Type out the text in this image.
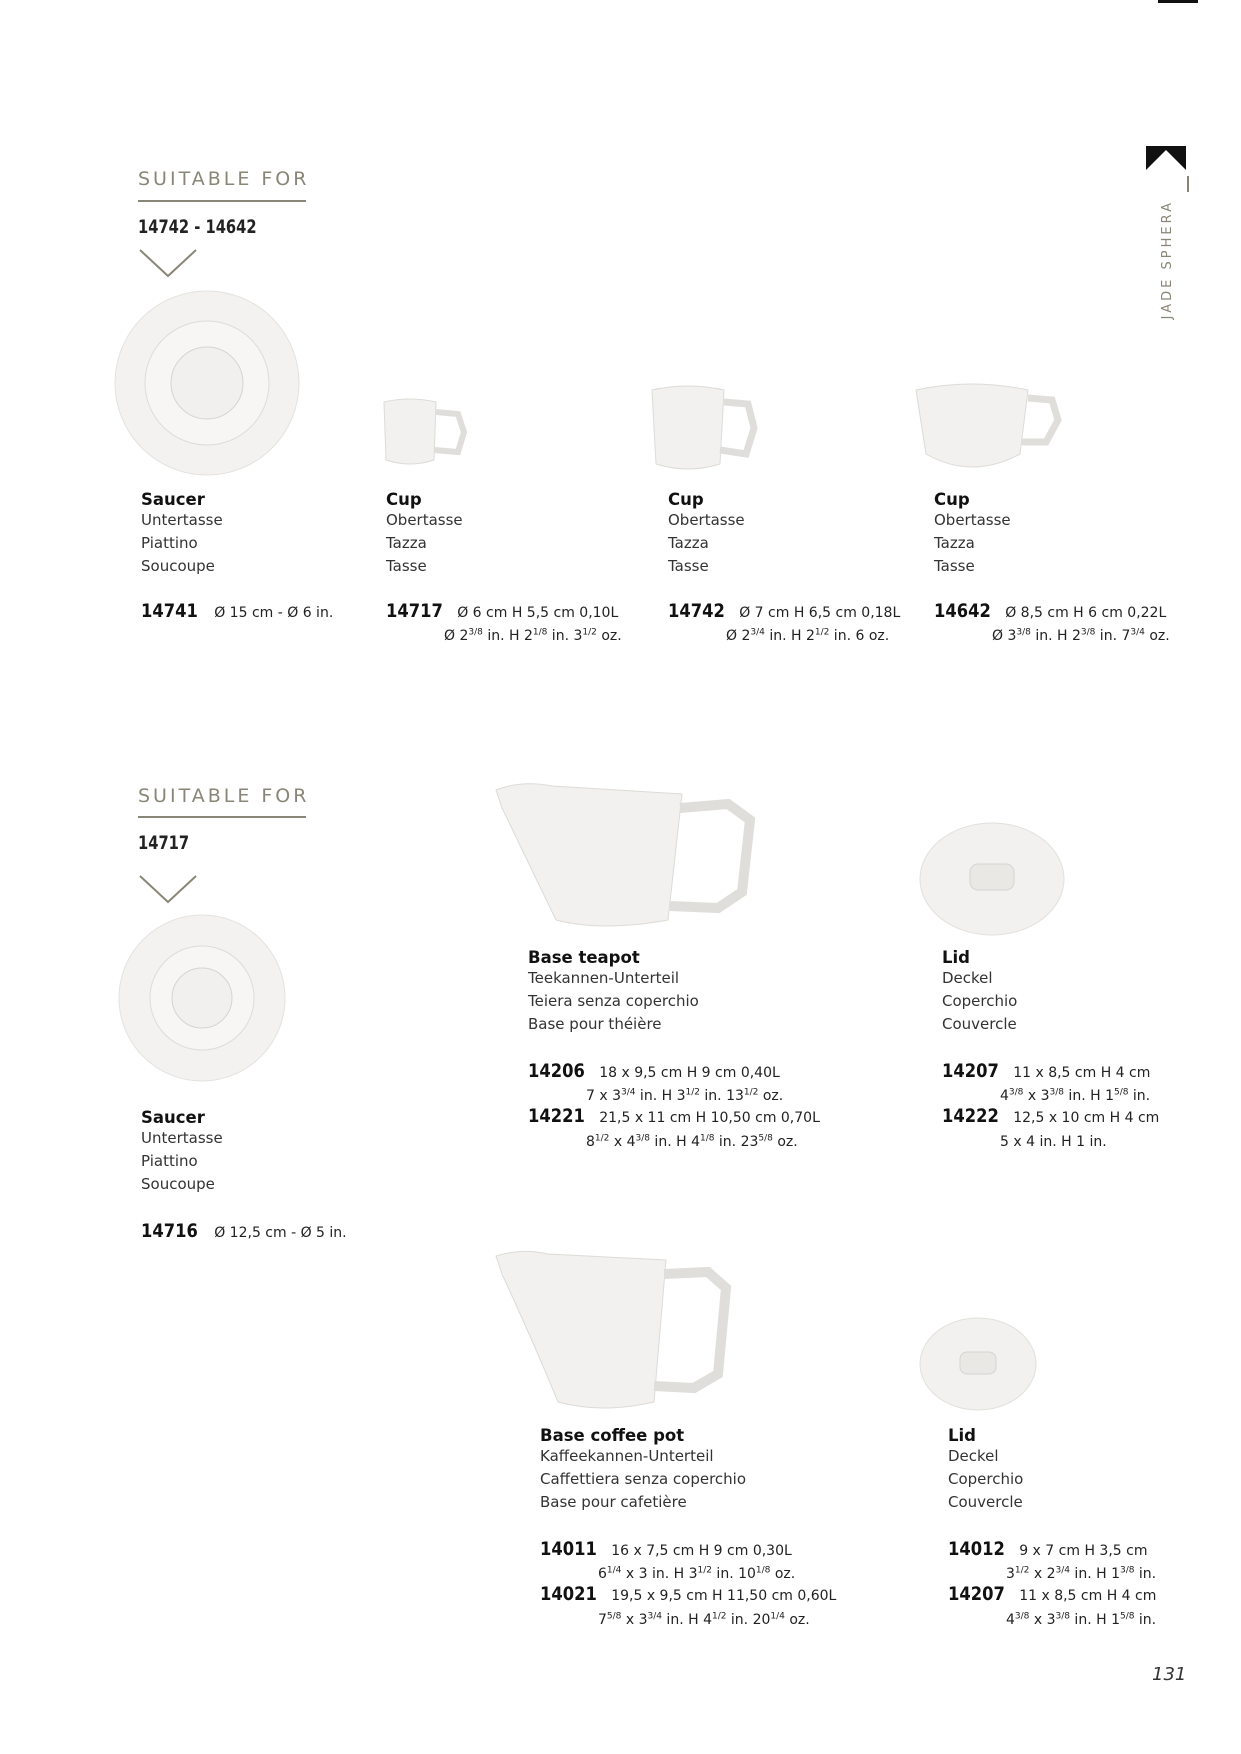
JADE SPHERA
SUITABLE FOR
14742 - 14642
Saucer
Untertasse
Piattino
Soucoupe
14741 Ø 15 cm - Ø 6 in.
Cup
Obertasse
Tazza
Tasse
14717 Ø 6 cm H 5,5 cm 0,10L
Ø $2^{3/8}$ in. H $2^{1/8}$ in. $3^{1/2}$ oz.
Cup
Obertasse
Tazza
Tasse
14742 Ø 7 cm H 6,5 cm 0,18L
Ø $2^{3/4}$ in. H $2^{1/2}$ in. 6 oz.
Cup
Obertasse
Tazza
Tasse
14642 Ø 8,5 cm H 6 cm 0,22L
Ø $3^{3/8}$ in. H $2^{3/8}$ in. $7^{3/4}$ oz.
SUITABLE FOR
14717
Saucer
Untertasse
Piattino
Soucoupe
14716 Ø 12,5 cm - Ø 5 in.
Base teapot
Teekannen-Unterteil
Teiera senza coperchio
Base pour théière
14206 18 x 9,5 cm H 9 cm 0,40L
7 x $3^{3/4}$ in. H $3^{1/2}$ in. $13^{1/2}$ oz.
14221 21,5 x 11 cm H 10,50 cm 0,70L
$8^{1/2}$ x $4^{3/8}$ in. H $4^{1/8}$ in. $23^{5/8}$ oz.
Lid
Deckel
Coperchio
Couvercle
14207 11 x 8,5 cm H 4 cm
$4^{3/8}$ x $3^{3/8}$ in. H $1^{5/8}$ in.
14222 12,5 x 10 cm H 4 cm
5 x 4 in. H 1 in.
Base coffee pot
Kaffeekannen-Unterteil
Caffettiera senza coperchio
Base pour cafetière
14011 16 x 7,5 cm H 9 cm 0,30L
$6^{1/4}$ x 3 in. H $3^{1/2}$ in. $10^{1/8}$ oz.
14021 19,5 x 9,5 cm H 11,50 cm 0,60L
$7^{5/8}$ x $3^{3/4}$ in. H $4^{1/2}$ in. $20^{1/4}$ oz.
Lid
Deckel
Coperchio
Couvercle
14012 9 x 7 cm H 3,5 cm
$3^{1/2}$ x $2^{3/4}$ in. H $1^{3/8}$ in.
14207 11 x 8,5 cm H 4 cm
$4^{3/8}$ x $3^{3/8}$ in. H $1^{5/8}$ in.
131
